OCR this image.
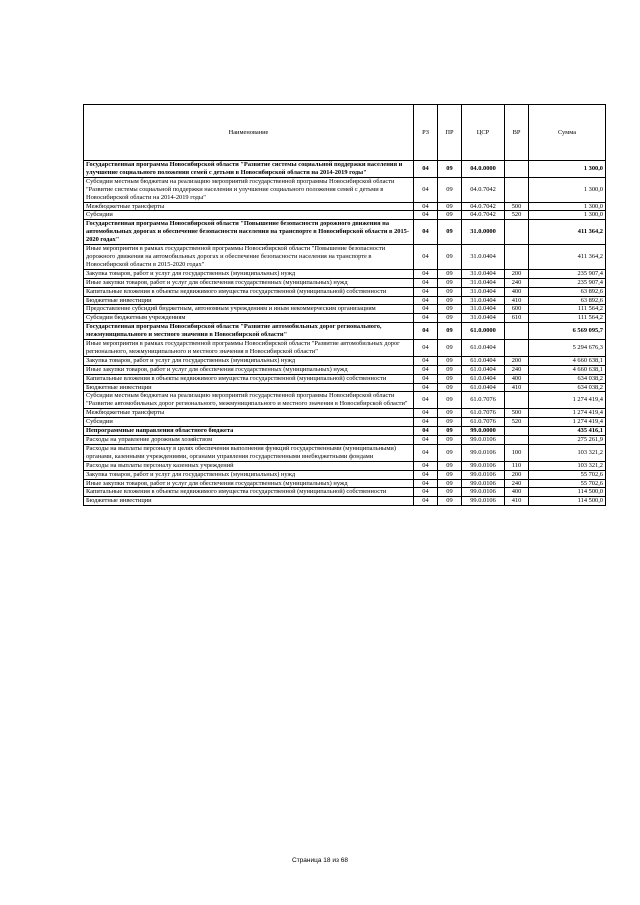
Наименование	РЗ	ПР	ЦСР	ВР	Сумма
Государственная программа Новосибирской области "Развитие системы социальной поддержки населения и улучшение социального положения семей с детьми в Новосибирской области на 2014-2019 годы"	04	09	04.0.0000		1 300,0
Субсидии местным бюджетам на реализацию мероприятий государственной программы Новосибирской области "Развитие системы социальной поддержки населения и улучшение социального положения семей с детьми в Новосибирской области на 2014-2019 годы"	04	09	04.0.7042		1 300,0
Межбюджетные трансферты	04	09	04.0.7042	500	1 300,0
Субсидии	04	09	04.0.7042	520	1 300,0
Государственная программа Новосибирской области "Повышение безопасности дорожного движения на автомобильных дорогах и обеспечение безопасности населения на транспорте в Новосибирской области в 2015-2020 годах"	04	09	31.0.0000		411 364,2
Иные мероприятия в рамках государственной программы Новосибирской области "Повышение безопасности дорожного движения на автомобильных дорогах и обеспечение безопасности населения на транспорте в Новосибирской области в 2015-2020 годах"	04	09	31.0.0404		411 364,2
Закупка товаров, работ и услуг для государственных (муниципальных) нужд	04	09	31.0.0404	200	235 907,4
Иные закупки товаров, работ и услуг для обеспечения государственных (муниципальных) нужд	04	09	31.0.0404	240	235 907,4
Капитальные вложения в объекты недвижимого имущества государственной (муниципальной) собственности	04	09	31.0.0404	400	63 892,6
Бюджетные инвестиции	04	09	31.0.0404	410	63 892,6
Предоставление субсидий бюджетным, автономным учреждениям и иным некоммерческим организациям	04	09	31.0.0404	600	111 564,2
Субсидии бюджетным учреждениям	04	09	31.0.0404	610	111 564,2
Государственная программа Новосибирской области "Развитие автомобильных дорог регионального, межмуниципального и местного значения в Новосибирской области"	04	09	61.0.0000		6 569 095,7
Иные мероприятия в рамках государственной программы Новосибирской области "Развитие автомобильных дорог регионального, межмуниципального и местного значения в Новосибирской области"	04	09	61.0.0404		5 294 676,3
Закупка товаров, работ и услуг для государственных (муниципальных) нужд	04	09	61.0.0404	200	4 660 638,1
Иные закупки товаров, работ и услуг для обеспечения государственных (муниципальных) нужд	04	09	61.0.0404	240	4 660 638,1
Капитальные вложения в объекты недвижимого имущества государственной (муниципальной) собственности	04	09	61.0.0404	400	634 038,2
Бюджетные инвестиции	04	09	61.0.0404	410	634 038,2
Субсидии местным бюджетам на реализацию мероприятий государственной программы Новосибирской области "Развитие автомобильных дорог регионального, межмуниципального и местного значения в Новосибирской области"	04	09	61.0.7076		1 274 419,4
Межбюджетные трансферты	04	09	61.0.7076	500	1 274 419,4
Субсидии	04	09	61.0.7076	520	1 274 419,4
Непрограммные направления областного бюджета	04	09	99.0.0000		435 416,1
Расходы на управление дорожным хозяйством	04	09	99.0.0106		275 261,9
Расходы на выплаты персоналу в целях обеспечения выполнения функций государственными (муниципальными) органами, казенными учреждениями, органами управления государственными внебюджетными фондами	04	09	99.0.0106	100	103 321,2
Расходы на выплаты персоналу казенных учреждений	04	09	99.0.0106	110	103 321,2
Закупка товаров, работ и услуг для государственных (муниципальных) нужд	04	09	99.0.0106	200	55 702,6
Иные закупки товаров, работ и услуг для обеспечения государственных (муниципальных) нужд	04	09	99.0.0106	240	55 702,6
Капитальные вложения в объекты недвижимого имущества государственной (муниципальной) собственности	04	09	99.0.0106	400	114 500,0
Бюджетные инвестиции	04	09	99.0.0106	410	114 500,0
Страница 18 из 68
